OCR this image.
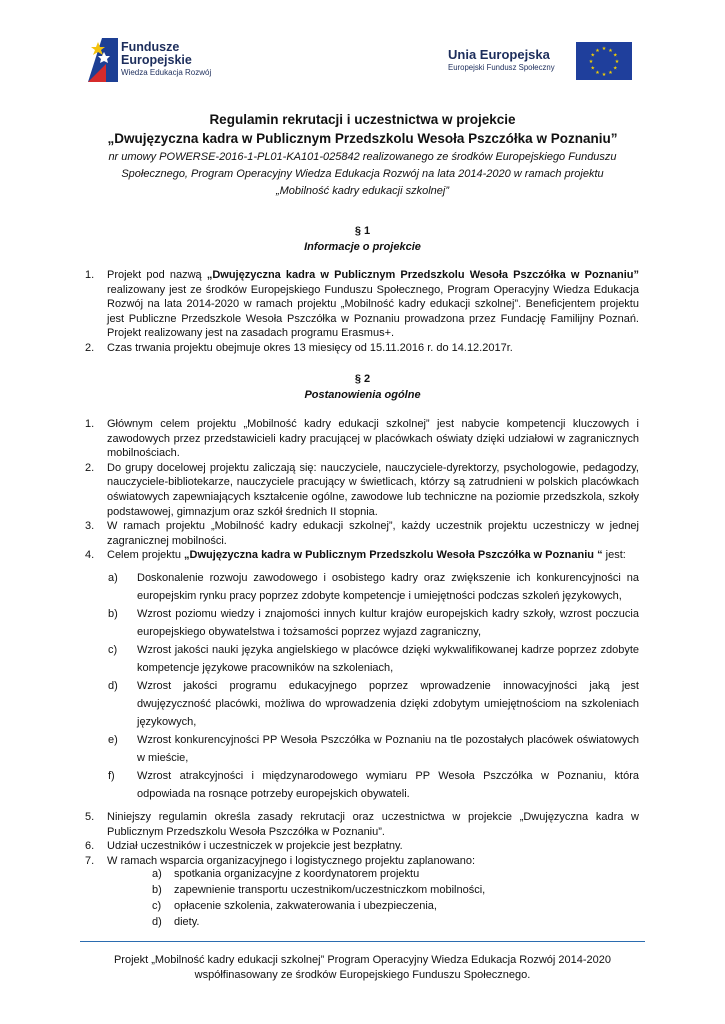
Fundusze
Europejskie
Wiedza Edukacja Rozwój
Unia Europejska
Europejski Fundusz Społeczny
★ ★
★
★
★
★
★
★
★
★
★
★
Regulamin rekrutacji i uczestnictwa w projekcie
„Dwujęzyczna kadra w Publicznym Przedszkolu Wesoła Pszczółka w Poznaniu”
nr umowy POWERSE-2016-1-PL01-KA101-025842 realizowanego ze środków Europejskiego Funduszu
Społecznego, Program Operacyjny Wiedza Edukacja Rozwój na lata 2014-2020 w ramach projektu
„Mobilność kadry edukacji szkolnej”
§ 1
Informacje o projekcie
1. Projekt pod nazwą „Dwujęzyczna kadra w Publicznym Przedszkolu Wesoła Pszczółka w Poznaniu” realizowany jest ze środków Europejskiego Funduszu Społecznego, Program Operacyjny Wiedza Edukacja Rozwój na lata 2014-2020 w ramach projektu „Mobilność kadry edukacji szkolnej”. Beneficjentem projektu jest Publiczne Przedszkole Wesoła Pszczółka w Poznaniu prowadzona przez Fundację Familijny Poznań. Projekt realizowany jest na zasadach programu Erasmus+.
2. Czas trwania projektu obejmuje okres 13 miesięcy od 15.11.2016 r. do 14.12.2017r.
§ 2
Postanowienia ogólne
1. Głównym celem projektu „Mobilność kadry edukacji szkolnej” jest nabycie kompetencji kluczowych i zawodowych przez przedstawicieli kadry pracującej w placówkach oświaty dzięki udziałowi w zagranicznych mobilnościach.
2. Do grupy docelowej projektu zaliczają się: nauczyciele, nauczyciele-dyrektorzy, psychologowie, pedagodzy, nauczyciele-bibliotekarze, nauczyciele pracujący w świetlicach, którzy są zatrudnieni w polskich placówkach oświatowych zapewniających kształcenie ogólne, zawodowe lub techniczne na poziomie przedszkola, szkoły podstawowej, gimnazjum oraz szkół średnich II stopnia.
3. W ramach projektu „Mobilność kadry edukacji szkolnej”, każdy uczestnik projektu uczestniczy w jednej zagranicznej mobilności.
4. Celem projektu „Dwujęzyczna kadra w Publicznym Przedszkolu Wesoła Pszczółka w Poznaniu “ jest:
a) Doskonalenie rozwoju zawodowego i osobistego kadry oraz zwiększenie ich konkurencyjności na europejskim rynku pracy poprzez zdobyte kompetencje i umiejętności podczas szkoleń językowych,
b) Wzrost poziomu wiedzy i znajomości innych kultur krajów europejskich kadry szkoły, wzrost poczucia europejskiego obywatelstwa i tożsamości poprzez wyjazd zagraniczny,
c) Wzrost jakości nauki języka angielskiego w placówce dzięki wykwalifikowanej kadrze poprzez zdobyte kompetencje językowe pracowników na szkoleniach,
d) Wzrost jakości programu edukacyjnego poprzez wprowadzenie innowacyjności jaką jest dwujęzyczność placówki, możliwa do wprowadzenia dzięki zdobytym umiejętnościom na szkoleniach językowych,
e) Wzrost konkurencyjności PP Wesoła Pszczółka w Poznaniu na tle pozostałych placówek oświatowych w mieście,
f) Wzrost atrakcyjności i międzynarodowego wymiaru PP Wesoła Pszczółka w Poznaniu, która odpowiada na rosnące potrzeby europejskich obywateli.
5. Niniejszy regulamin określa zasady rekrutacji oraz uczestnictwa w projekcie „Dwujęzyczna kadra w Publicznym Przedszkolu Wesoła Pszczółka w Poznaniu”.
6. Udział uczestników i uczestniczek w projekcie jest bezpłatny.
7. W ramach wsparcia organizacyjnego i logistycznego projektu zaplanowano:
a) spotkania organizacyjne z koordynatorem projektu
b) zapewnienie transportu uczestnikom/uczestniczkom mobilności,
c) opłacenie szkolenia, zakwaterowania i ubezpieczenia,
d) diety.
Projekt „Mobilność kadry edukacji szkolnej” Program Operacyjny Wiedza Edukacja Rozwój 2014-2020
współfinasowany ze środków Europejskiego Funduszu Społecznego.
